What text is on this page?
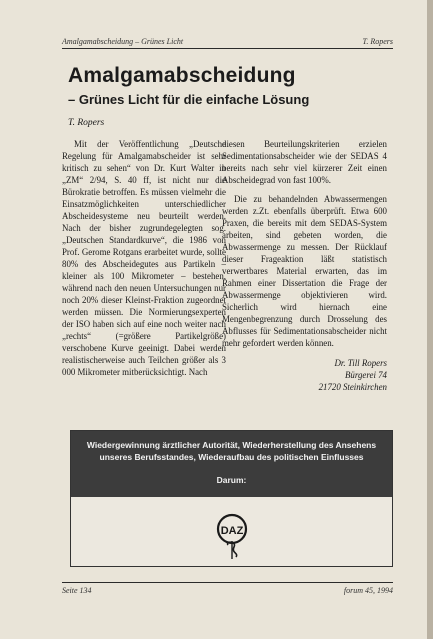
Amalgamabscheidung – Grünes Licht	T. Ropers
Amalgamabscheidung
– Grünes Licht für die einfache Lösung
T. Ropers

Mit der Veröffentlichung „Deutsche Regelung für Amalgamabscheider ist sehr kritisch zu sehen“ von Dr. Kurt Walter in „ZM“ 2/94, S. 40 ff, ist nicht nur die Bürokratie betroffen. Es müssen vielmehr die Einsatzmöglichkeiten unterschiedlicher Abscheidesysteme neu beurteilt werden. Nach der bisher zugrundegelegten sog. „Deutschen Standardkurve“, die 1986 von Prof. Gerome Rotgans erarbeitet wurde, sollte 80% des Abscheidegutes aus Partikeln – kleiner als 100 Mikrometer – bestehen, während nach den neuen Untersuchungen nur noch 20% dieser Kleinst-Fraktion zugeordnet werden müssen. Die Normierungsexperten der ISO haben sich auf eine noch weiter nach „rechts“ (=größere Partikelgröße) verschobene Kurve geeinigt. Dabei werden realistischerweise auch Teilchen größer als 3 000 Mikrometer mitberücksichtigt. Nach

diesen Beurteilungskriterien erzielen Sedimentationsabscheider wie der SEDAS 4 bereits nach sehr viel kürzerer Zeit einen Abscheidegrad von fast 100%.

Die zu behandelnden Abwassermengen werden z.Zt. ebenfalls überprüft. Etwa 600 Praxen, die bereits mit dem SEDAS-System arbeiten, sind gebeten worden, die Abwassermenge zu messen. Der Rücklauf dieser Frageaktion läßt statistisch verwertbares Material erwarten, das im Rahmen einer Dissertation die Frage der Abwassermenge objektivieren wird. Sicherlich wird hiernach eine Mengenbegrenzung durch Drosselung des Abflusses für Sedimentationsabscheider nicht mehr gefordert werden können.

Dr. Till Ropers
Bürgerei 74
21720 Steinkirchen
Wiedergewinnung ärztlicher Autorität, Wiederherstellung des Ansehens
unseres Berufsstandes, Wiederaufbau des politischen Einflusses
Darum:
DAZ
Seite 134	forum 45, 1994
